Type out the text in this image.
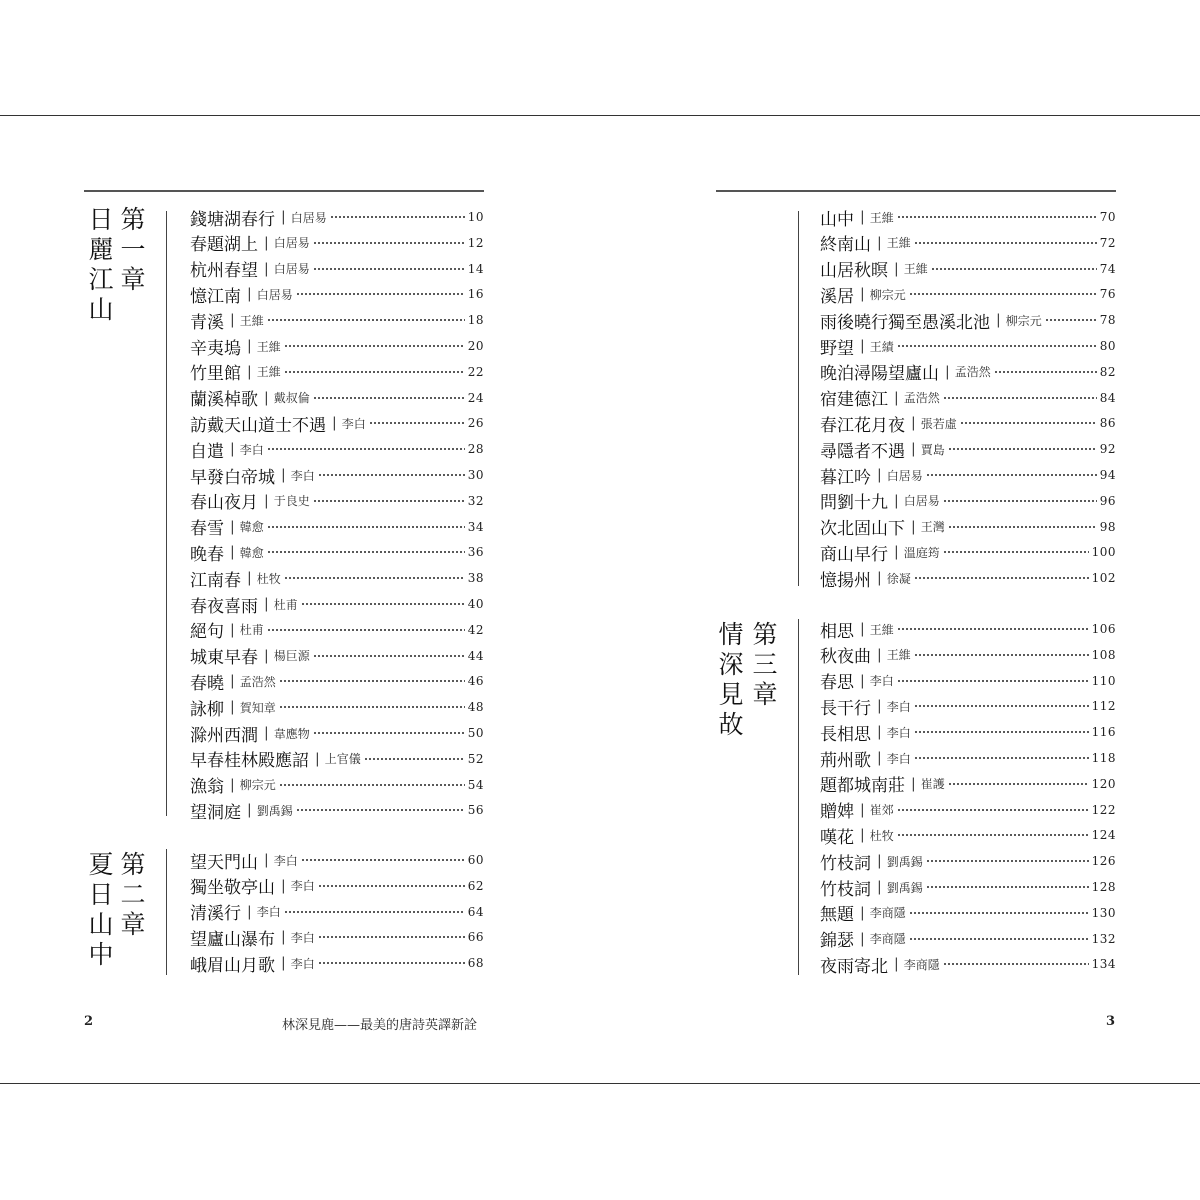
第一章
日麗江山
第二章
夏日山中
第三章
情深見故
錢塘湖春行 | 白居易	10
春題湖上 | 白居易	12
杭州春望 | 白居易	14
憶江南 | 白居易	16
青溪 | 王維	18
辛夷塢 | 王維	20
竹里館 | 王維	22
蘭溪棹歌 | 戴叔倫	24
訪戴天山道士不遇 | 李白	26
自遣 | 李白	28
早發白帝城 | 李白	30
春山夜月 | 于良史	32
春雪 | 韓愈	34
晚春 | 韓愈	36
江南春 | 杜牧	38
春夜喜雨 | 杜甫	40
絕句 | 杜甫	42
城東早春 | 楊巨源	44
春曉 | 孟浩然	46
詠柳 | 賀知章	48
滁州西澗 | 韋應物	50
早春桂林殿應詔 | 上官儀	52
漁翁 | 柳宗元	54
望洞庭 | 劉禹錫	56
望天門山 | 李白	60
獨坐敬亭山 | 李白	62
清溪行 | 李白	64
望廬山瀑布 | 李白	66
峨眉山月歌 | 李白	68
山中 | 王維	70
終南山 | 王維	72
山居秋暝 | 王維	74
溪居 | 柳宗元	76
雨後曉行獨至愚溪北池 | 柳宗元	78
野望 | 王績	80
晚泊潯陽望廬山 | 孟浩然	82
宿建德江 | 孟浩然	84
春江花月夜 | 張若虛	86
尋隱者不遇 | 賈島	92
暮江吟 | 白居易	94
問劉十九 | 白居易	96
次北固山下 | 王灣	98
商山早行 | 溫庭筠	100
憶揚州 | 徐凝	102
相思 | 王維	106
秋夜曲 | 王維	108
春思 | 李白	110
長干行 | 李白	112
長相思 | 李白	116
荊州歌 | 李白	118
題都城南莊 | 崔護	120
贈婢 | 崔郊	122
嘆花 | 杜牧	124
竹枝詞 | 劉禹錫	126
竹枝詞 | 劉禹錫	128
無題 | 李商隱	130
錦瑟 | 李商隱	132
夜雨寄北 | 李商隱	134
2	林深見鹿——最美的唐詩英譯新詮	3
